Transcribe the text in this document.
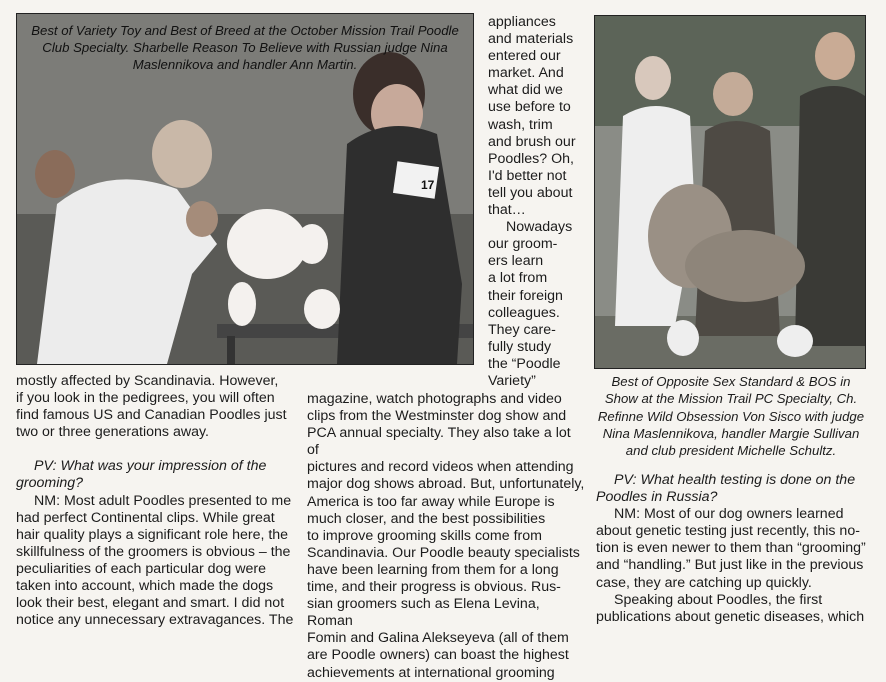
Best of Variety Toy and Best of Breed at the October Mission Trail Poodle Club Specialty. Sharbelle Reason To Believe with Russian judge Nina Maslennikova and handler Ann Martin.
17

appliances

and materials

entered our

market. And

what did we

use before to

wash, trim

and brush our

Poodles? Oh,

I'd better not

tell you about

that…

Nowadays

our groom-

ers learn

a lot from

their foreign

colleagues.

They care-

fully study

the “Poodle

Variety”

mostly affected by Scandinavia. However,

if you look in the pedigrees, you will often

find famous US and Canadian Poodles just

two or three generations away.

PV: What was your impression of the grooming?

NM: Most adult Poodles presented to me

had perfect Continental clips. While great

hair quality plays a significant role here, the

skillfulness of the groomers is obvious – the

peculiarities of each particular dog were

taken into account, which made the dogs

look their best, elegant and smart. I did not

notice any unnecessary extravagances. The

magazine, watch photographs and video

clips from the Westminster dog show and

PCA annual specialty. They also take a lot of

pictures and record videos when attending

major dog shows abroad. But, unfortunately,

America is too far away while Europe is

much closer, and the best possibilities

to improve grooming skills come from

Scandinavia. Our Poodle beauty specialists

have been learning from them for a long

time, and their progress is obvious. Rus-

sian groomers such as Elena Levina, Roman

Fomin and Galina Alekseyeva (all of them

are Poodle owners) can boast the highest

achievements at international grooming

Best of Opposite Sex Standard & BOS in Show at the Mission Trail PC Specialty, Ch. Refinne Wild Obsession Von Sisco with judge Nina Maslennikova, handler Margie Sullivan and club president Michelle Schultz.

PV: What health testing is done on the Poodles in Russia?

NM: Most of our dog owners learned

about genetic testing just recently, this no-

tion is even newer to them than “grooming”

and “handling.” But just like in the previous

case, they are catching up quickly.

Speaking about Poodles, the first

publications about genetic diseases, which
